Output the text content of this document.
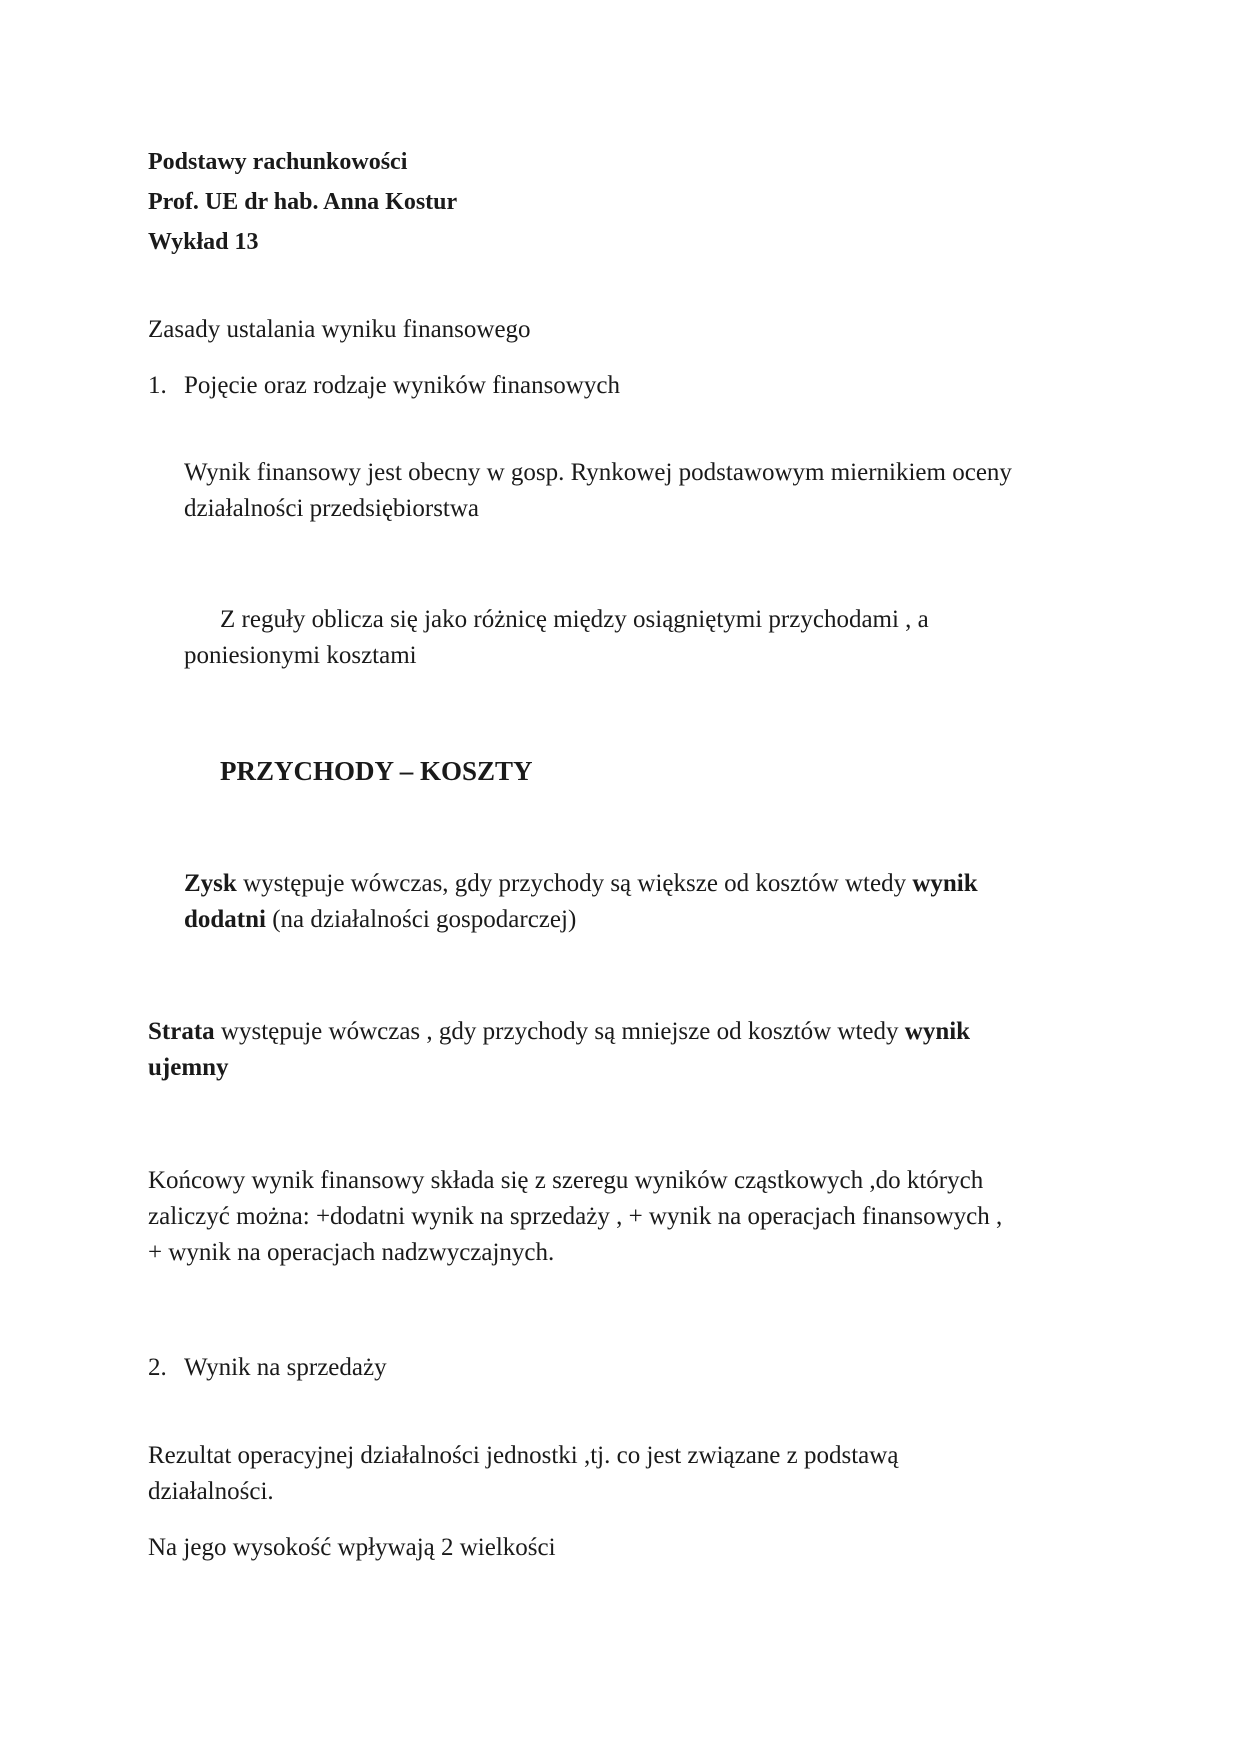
Podstawy rachunkowości
Prof. UE dr hab. Anna Kostur
Wykład 13
Zasady ustalania wyniku finansowego
1. Pojęcie oraz rodzaje wyników finansowych
Wynik finansowy jest obecny w gosp. Rynkowej podstawowym miernikiem oceny
działalności przedsiębiorstwa
Z reguły oblicza się jako różnicę między osiągniętymi przychodami , a
poniesionymi kosztami
PRZYCHODY – KOSZTY
Zysk występuje wówczas, gdy przychody są większe od kosztów wtedy wynik
dodatni (na działalności gospodarczej)
Strata występuje wówczas , gdy przychody są mniejsze od kosztów wtedy wynik
ujemny
Końcowy wynik finansowy składa się z szeregu wyników cząstkowych ,do których
zaliczyć można: +dodatni wynik na sprzedaży , + wynik na operacjach finansowych ,
+ wynik na operacjach nadzwyczajnych.
2. Wynik na sprzedaży
Rezultat operacyjnej działalności jednostki ,tj. co jest związane z podstawą
działalności.
Na jego wysokość wpływają 2 wielkości
